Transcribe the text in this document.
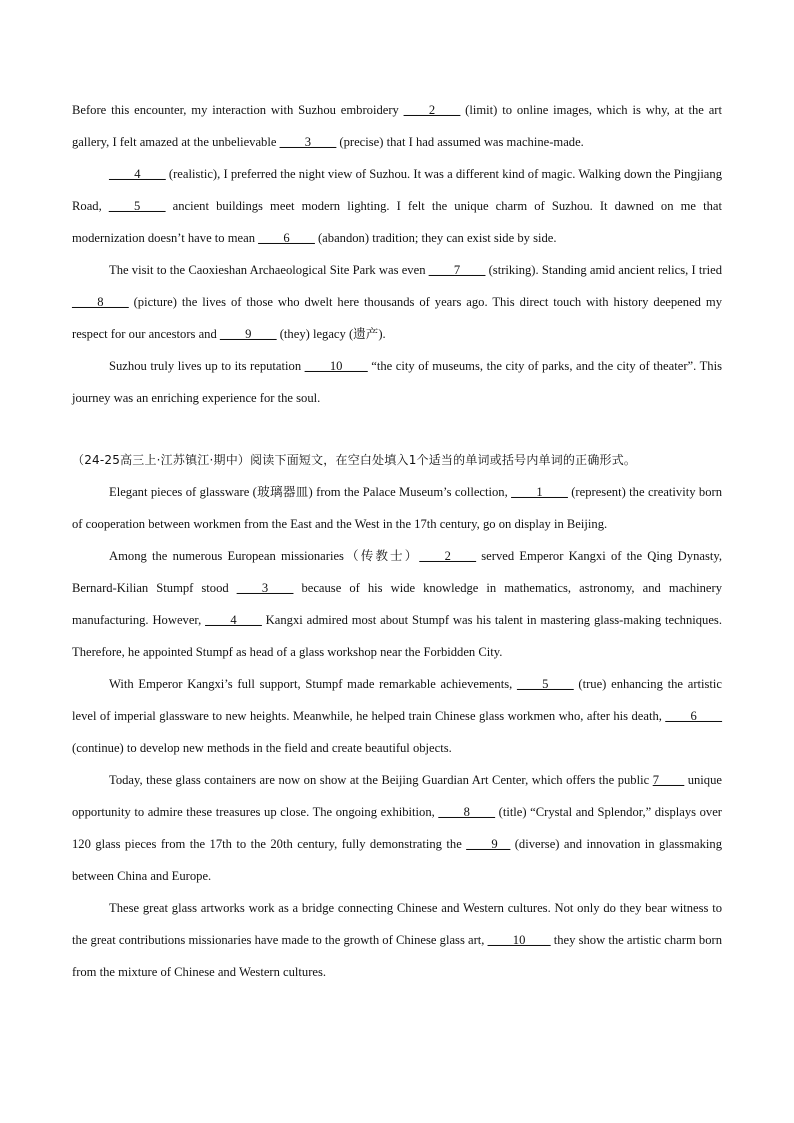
Before this encounter, my interaction with Suzhou embroidery ____2____ (limit) to online images, which is why, at the art gallery, I felt amazed at the unbelievable ____3____ (precise) that I had assumed was machine-made.

____4____ (realistic), I preferred the night view of Suzhou. It was a different kind of magic. Walking down the Pingjiang Road, ____5____ ancient buildings meet modern lighting. I felt the unique charm of Suzhou. It dawned on me that modernization doesn’t have to mean ____6____ (abandon) tradition; they can exist side by side.

The visit to the Caoxieshan Archaeological Site Park was even ____7____ (striking). Standing amid ancient relics, I tried ____8____ (picture) the lives of those who dwelt here thousands of years ago. This direct touch with history deepened my respect for our ancestors and ____9____ (they) legacy (遗产).

Suzhou truly lives up to its reputation ____10____ “the city of museums, the city of parks, and the city of theater”. This journey was an enriching experience for the soul.

（24-25高三上·江苏镇江·期中）阅读下面短文，在空白处填入1个适当的单词或括号内单词的正确形式。

Elegant pieces of glassware (玻璃器皿) from the Palace Museum’s collection, ____1____ (represent) the creativity born of cooperation between workmen from the East and the West in the 17th century, go on display in Beijing.

Among the numerous European missionaries（传教士）____2____ served Emperor Kangxi of the Qing Dynasty, Bernard-Kilian Stumpf stood ____3____ because of his wide knowledge in mathematics, astronomy, and machinery manufacturing. However, ____4____ Kangxi admired most about Stumpf was his talent in mastering glass-making techniques. Therefore, he appointed Stumpf as head of a glass workshop near the Forbidden City.

With Emperor Kangxi’s full support, Stumpf made remarkable achievements, ____5____ (true) enhancing the artistic level of imperial glassware to new heights. Meanwhile, he helped train Chinese glass workmen who, after his death, ____6____ (continue) to develop new methods in the field and create beautiful objects.

Today, these glass containers are now on show at the Beijing Guardian Art Center, which offers the public 7____ unique opportunity to admire these treasures up close. The ongoing exhibition, ____8____ (title) “Crystal and Splendor,” displays over 120 glass pieces from the 17th to the 20th century, fully demonstrating the ____9__ (diverse) and innovation in glassmaking between China and Europe.

These great glass artworks work as a bridge connecting Chinese and Western cultures. Not only do they bear witness to the great contributions missionaries have made to the growth of Chinese glass art, ____10____ they show the artistic charm born from the mixture of Chinese and Western cultures.
